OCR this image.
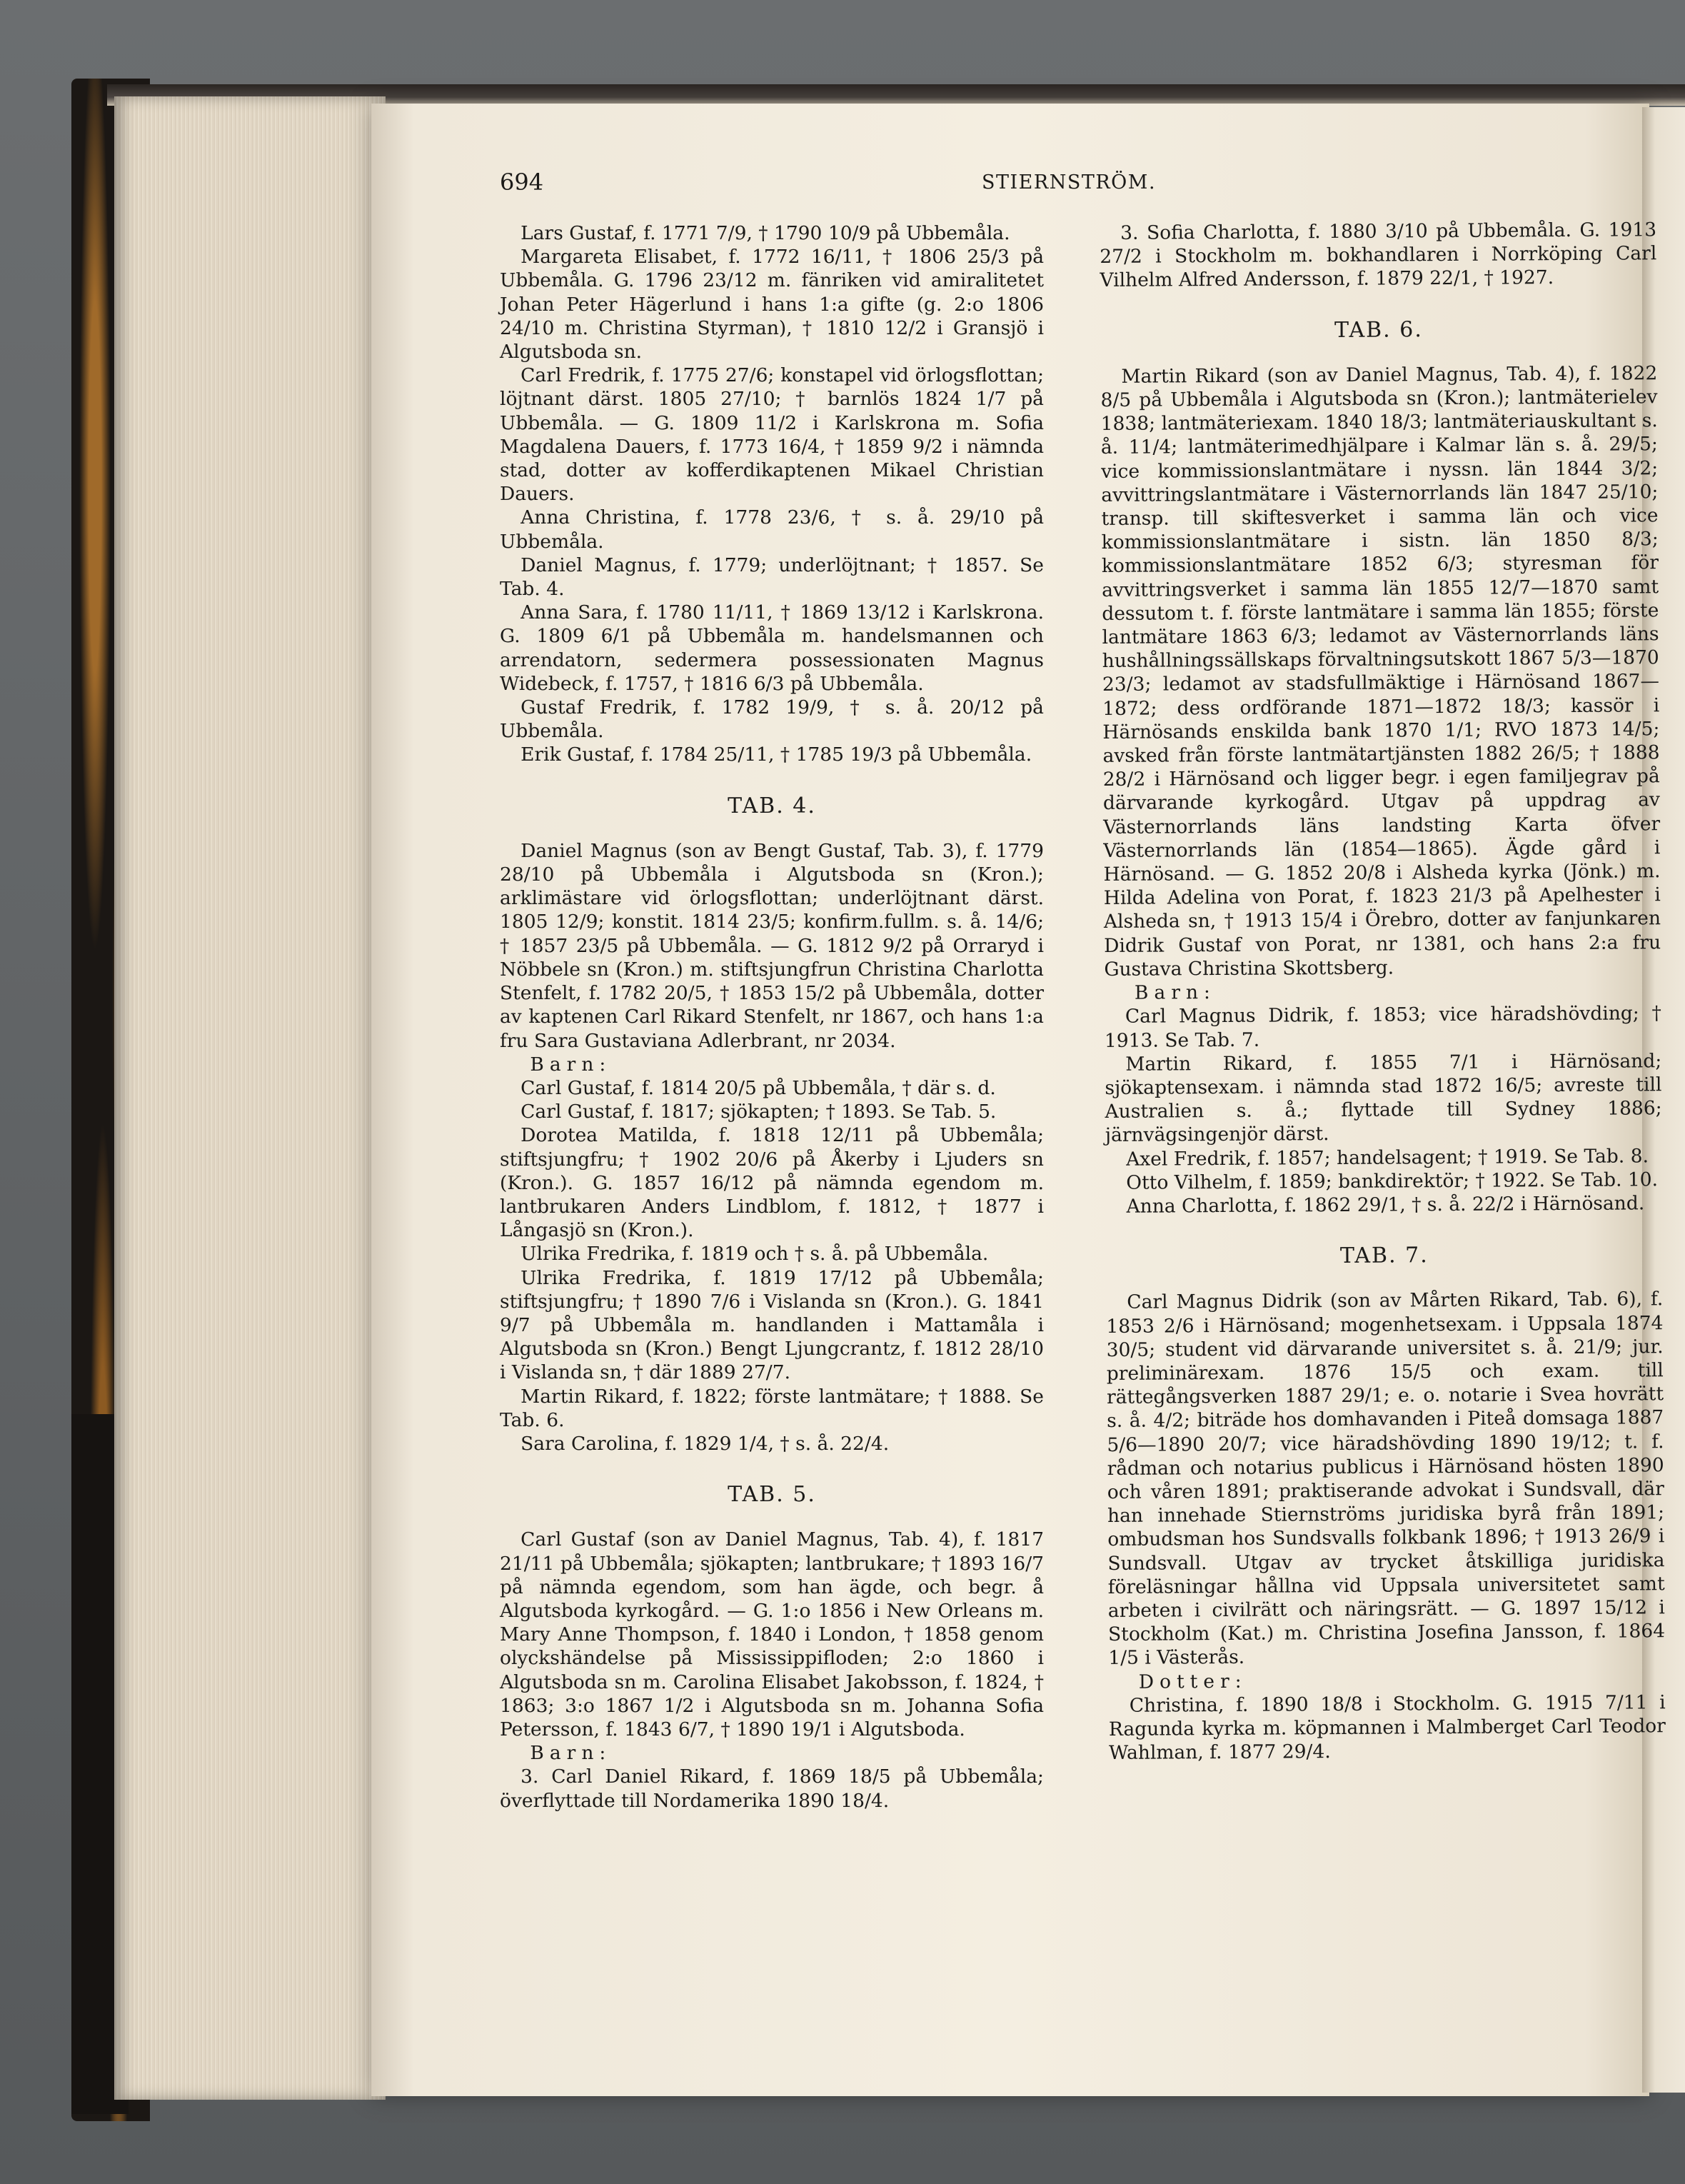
694	STIERNSTRÖM.

Lars Gustaf, f. 1771 7/9, † 1790 10/9 på Ubbemåla.

Margareta Elisabet, f. 1772 16/11, † 1806 25/3 på Ubbemåla. G. 1796 23/12 m. fänriken vid amiralitetet Johan Peter Hägerlund i hans 1:a gifte (g. 2:o 1806 24/10 m. Christina Styrman), † 1810 12/2 i Gransjö i Algutsboda sn.

Carl Fredrik, f. 1775 27/6; konstapel vid örlogsflottan; löjtnant därst. 1805 27/10; † barnlös 1824 1/7 på Ubbemåla. — G. 1809 11/2 i Karlskrona m. Sofia Magdalena Dauers, f. 1773 16/4, † 1859 9/2 i nämnda stad, dotter av kofferdikaptenen Mikael Christian Dauers.

Anna Christina, f. 1778 23/6, † s. å. 29/10 på Ubbemåla.

Daniel Magnus, f. 1779; underlöjtnant; † 1857. Se Tab. 4.

Anna Sara, f. 1780 11/11, † 1869 13/12 i Karlskrona. G. 1809 6/1 på Ubbemåla m. handelsmannen och arrendatorn, sedermera possessionaten Magnus Widebeck, f. 1757, † 1816 6/3 på Ubbemåla.

Gustaf Fredrik, f. 1782 19/9, † s. å. 20/12 på Ubbemåla.

Erik Gustaf, f. 1784 25/11, † 1785 19/3 på Ubbemåla.

TAB. 4.

Daniel Magnus (son av Bengt Gustaf, Tab. 3), f. 1779 28/10 på Ubbemåla i Algutsboda sn (Kron.); arklimästare vid örlogsflottan; underlöjtnant därst. 1805 12/9; konstit. 1814 23/5; konfirm.fullm. s. å. 14/6; † 1857 23/5 på Ubbemåla. — G. 1812 9/2 på Orraryd i Nöbbele sn (Kron.) m. stiftsjungfrun Christina Charlotta Stenfelt, f. 1782 20/5, † 1853 15/2 på Ubbemåla, dotter av kaptenen Carl Rikard Stenfelt, nr 1867, och hans 1:a fru Sara Gustaviana Adlerbrant, nr 2034.

Barn:

Carl Gustaf, f. 1814 20/5 på Ubbemåla, † där s. d.

Carl Gustaf, f. 1817; sjökapten; † 1893. Se Tab. 5.

Dorotea Matilda, f. 1818 12/11 på Ubbemåla; stiftsjungfru; † 1902 20/6 på Åkerby i Ljuders sn (Kron.). G. 1857 16/12 på nämnda egendom m. lantbrukaren Anders Lindblom, f. 1812, † 1877 i Långasjö sn (Kron.).

Ulrika Fredrika, f. 1819 och † s. å. på Ubbemåla.

Ulrika Fredrika, f. 1819 17/12 på Ubbemåla; stiftsjungfru; † 1890 7/6 i Vislanda sn (Kron.). G. 1841 9/7 på Ubbemåla m. handlanden i Mattamåla i Algutsboda sn (Kron.) Bengt Ljungcrantz, f. 1812 28/10 i Vislanda sn, † där 1889 27/7.

Martin Rikard, f. 1822; förste lantmätare; † 1888. Se Tab. 6.

Sara Carolina, f. 1829 1/4, † s. å. 22/4.

TAB. 5.

Carl Gustaf (son av Daniel Magnus, Tab. 4), f. 1817 21/11 på Ubbemåla; sjökapten; lantbrukare; † 1893 16/7 på nämnda egendom, som han ägde, och begr. å Algutsboda kyrkogård. — G. 1:o 1856 i New Orleans m. Mary Anne Thompson, f. 1840 i London, † 1858 genom olyckshändelse på Mississippifloden; 2:o 1860 i Algutsboda sn m. Carolina Elisabet Jakobsson, f. 1824, † 1863; 3:o 1867 1/2 i Algutsboda sn m. Johanna Sofia Petersson, f. 1843 6/7, † 1890 19/1 i Algutsboda.

Barn:

3. Carl Daniel Rikard, f. 1869 18/5 på Ubbemåla; överflyttade till Nordamerika 1890 18/4.

3. Sofia Charlotta, f. 1880 3/10 på Ubbemåla. G. 1913 27/2 i Stockholm m. bokhandlaren i Norrköping Carl Vilhelm Alfred Andersson, f. 1879 22/1, † 1927.

TAB. 6.

Martin Rikard (son av Daniel Magnus, Tab. 4), f. 1822 8/5 på Ubbemåla i Algutsboda sn (Kron.); lantmäterielev 1838; lantmäteriexam. 1840 18/3; lantmäteriauskultant s. å. 11/4; lantmäterimedhjälpare i Kalmar län s. å. 29/5; vice kommissionslantmätare i nyssn. län 1844 3/2; avvittringslantmätare i Västernorrlands län 1847 25/10; transp. till skiftesverket i samma län och vice kommissionslantmätare i sistn. län 1850 8/3; kommissionslantmätare 1852 6/3; styresman för avvittringsverket i samma län 1855 12/7—1870 samt dessutom t. f. förste lantmätare i samma län 1855; förste lantmätare 1863 6/3; ledamot av Västernorrlands läns hushållningssällskaps förvaltningsutskott 1867 5/3—1870 23/3; ledamot av stadsfullmäktige i Härnösand 1867—1872; dess ordförande 1871—1872 18/3; kassör i Härnösands enskilda bank 1870 1/1; RVO 1873 14/5; avsked från förste lantmätartjänsten 1882 26/5; † 1888 28/2 i Härnösand och ligger begr. i egen familjegrav på därvarande kyrkogård. Utgav på uppdrag av Västernorrlands läns landsting Karta öfver Västernorrlands län (1854—1865). Ägde gård i Härnösand. — G. 1852 20/8 i Alsheda kyrka (Jönk.) m. Hilda Adelina von Porat, f. 1823 21/3 på Apelhester i Alsheda sn, † 1913 15/4 i Örebro, dotter av fanjunkaren Didrik Gustaf von Porat, nr 1381, och hans 2:a fru Gustava Christina Skottsberg.

Barn:

Carl Magnus Didrik, f. 1853; vice häradshövding; † 1913. Se Tab. 7.

Martin Rikard, f. 1855 7/1 i Härnösand; sjökaptensexam. i nämnda stad 1872 16/5; avreste till Australien s. å.; flyttade till Sydney 1886; järnvägsingenjör därst.

Axel Fredrik, f. 1857; handelsagent; † 1919. Se Tab. 8.

Otto Vilhelm, f. 1859; bankdirektör; † 1922. Se Tab. 10.

Anna Charlotta, f. 1862 29/1, † s. å. 22/2 i Härnösand.

TAB. 7.

Carl Magnus Didrik (son av Mårten Rikard, Tab. 6), f. 1853 2/6 i Härnösand; mogenhetsexam. i Uppsala 1874 30/5; student vid därvarande universitet s. å. 21/9; jur. preliminärexam. 1876 15/5 och exam. till rättegångsverken 1887 29/1; e. o. notarie i Svea hovrätt s. å. 4/2; biträde hos domhavanden i Piteå domsaga 1887 5/6—1890 20/7; vice häradshövding 1890 19/12; t. f. rådman och notarius publicus i Härnösand hösten 1890 och våren 1891; praktiserande advokat i Sundsvall, där han innehade Stiernströms juridiska byrå från 1891; ombudsman hos Sundsvalls folkbank 1896; † 1913 26/9 i Sundsvall. Utgav av trycket åtskilliga juridiska föreläsningar hållna vid Uppsala universitetet samt arbeten i civilrätt och näringsrätt. — G. 1897 15/12 i Stockholm (Kat.) m. Christina Josefina Jansson, f. 1864 1/5 i Västerås.

Dotter:

Christina, f. 1890 18/8 i Stockholm. G. 1915 7/11 i Ragunda kyrka m. köpmannen i Malmberget Carl Teodor Wahlman, f. 1877 29/4.
